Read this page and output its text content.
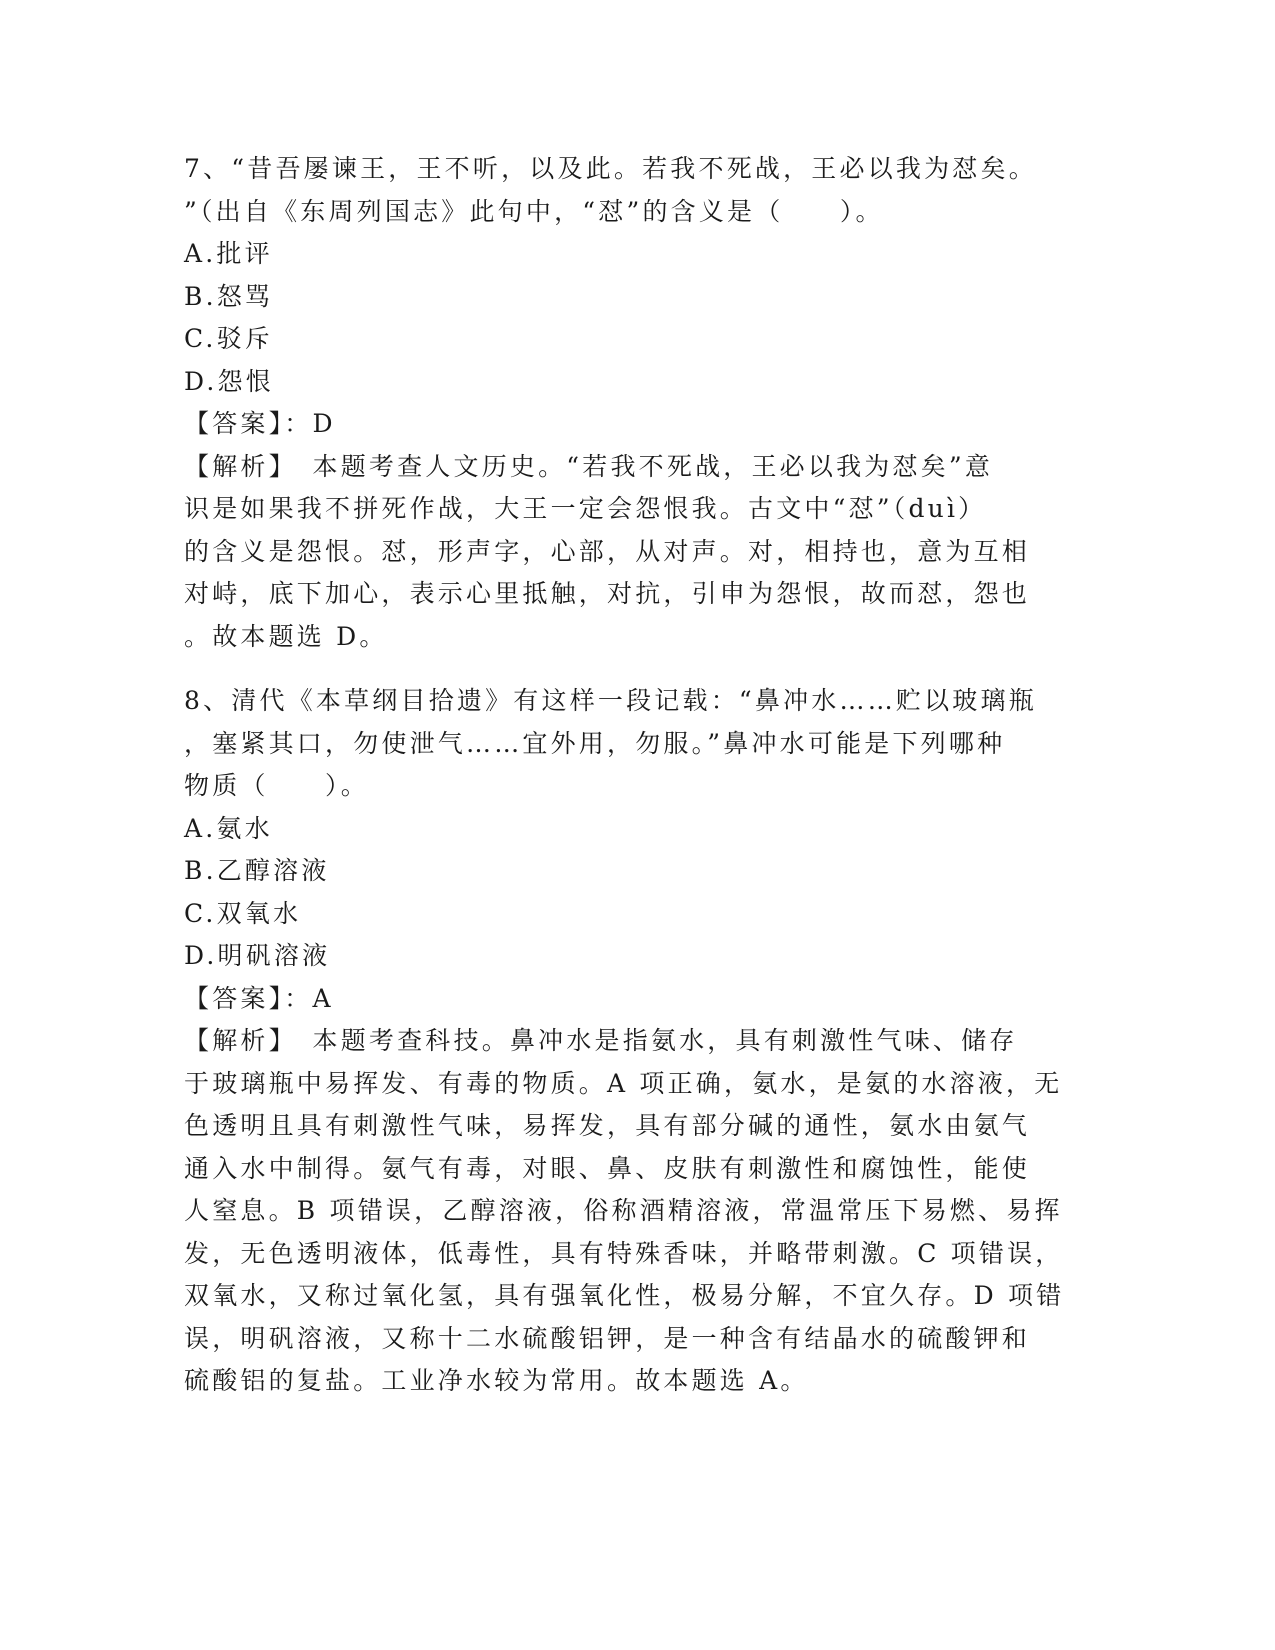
7、“昔吾屡谏王，王不听，以及此。若我不死战，王必以我为怼矣。

”（出自《东周列国志》此句中，“怼”的含义是（　　）。

A.批评

B.怒骂

C.驳斥

D.怨恨

【答案】：D

【解析】　本题考查人文历史。“若我不死战，王必以我为怼矣”意

识是如果我不拼死作战，大王一定会怨恨我。古文中“怼”（duì）

的含义是怨恨。怼，形声字，心部，从对声。对，相持也，意为互相

对峙，底下加心，表示心里抵触，对抗，引申为怨恨，故而怼，怨也

。故本题选 D。

8、清代《本草纲目拾遗》有这样一段记载：“鼻冲水……贮以玻璃瓶

，塞紧其口，勿使泄气……宜外用，勿服。”鼻冲水可能是下列哪种

物质（　　）。

A.氨水

B.乙醇溶液

C.双氧水

D.明矾溶液

【答案】：A

【解析】　本题考查科技。鼻冲水是指氨水，具有刺激性气味、储存

于玻璃瓶中易挥发、有毒的物质。A 项正确，氨水，是氨的水溶液，无

色透明且具有刺激性气味，易挥发，具有部分碱的通性，氨水由氨气

通入水中制得。氨气有毒，对眼、鼻、皮肤有刺激性和腐蚀性，能使

人窒息。B 项错误，乙醇溶液，俗称酒精溶液，常温常压下易燃、易挥

发，无色透明液体，低毒性，具有特殊香味，并略带刺激。C 项错误，

双氧水，又称过氧化氢，具有强氧化性，极易分解，不宜久存。D 项错

误，明矾溶液，又称十二水硫酸铝钾，是一种含有结晶水的硫酸钾和

硫酸铝的复盐。工业净水较为常用。故本题选 A。
